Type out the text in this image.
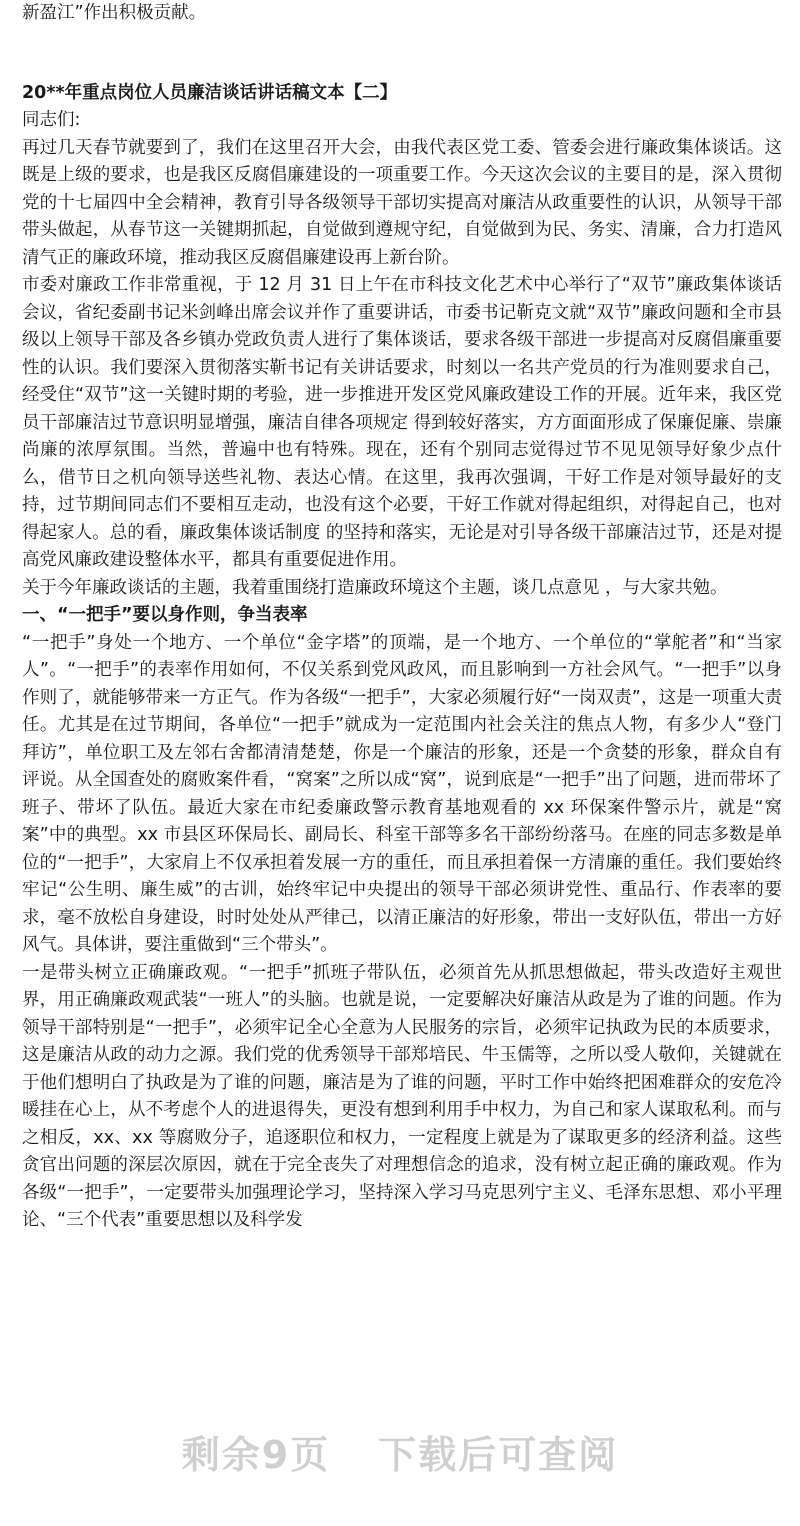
新盈江”作出积极贡献。

20**年重点岗位人员廉洁谈话讲话稿文本【二】

同志们:

再过几天春节就要到了，我们在这里召开大会，由我代表区党工委、管委会进行廉政集体谈话。这既是上级的要求，也是我区反腐倡廉建设的一项重要工作。今天这次会议的主要目的是，深入贯彻党的十七届四中全会精神，教育引导各级领导干部切实提高对廉洁从政重要性的认识，从领导干部带头做起，从春节这一关键期抓起，自觉做到遵规守纪，自觉做到为民、务实、清廉，合力打造风清气正的廉政环境，推动我区反腐倡廉建设再上新台阶。

市委对廉政工作非常重视，于 12 月 31 日上午在市科技文化艺术中心举行了“双节”廉政集体谈话会议，省纪委副书记米剑峰出席会议并作了重要讲话，市委书记靳克文就“双节”廉政问题和全市县级以上领导干部及各乡镇办党政负责人进行了集体谈话，要求各级干部进一步提高对反腐倡廉重要性的认识。我们要深入贯彻落实靳书记有关讲话要求，时刻以一名共产党员的行为准则要求自己，经受住“双节”这一关键时期的考验，进一步推进开发区党风廉政建设工作的开展。近年来，我区党员干部廉洁过节意识明显增强，廉洁自律各项规定 得到较好落实，方方面面形成了保廉促廉、崇廉尚廉的浓厚氛围。当然，普遍中也有特殊。现在，还有个别同志觉得过节不见见领导好象少点什么，借节日之机向领导送些礼物、表达心情。在这里，我再次强调，干好工作是对领导最好的支持，过节期间同志们不要相互走动，也没有这个必要，干好工作就对得起组织，对得起自己，也对得起家人。总的看，廉政集体谈话制度 的坚持和落实，无论是对引导各级干部廉洁过节，还是对提高党风廉政建设整体水平，都具有重要促进作用。

关于今年廉政谈话的主题，我着重围绕打造廉政环境这个主题，谈几点意见 ，与大家共勉。

一、“一把手”要以身作则，争当表率

“一把手”身处一个地方、一个单位“金字塔”的顶端，是一个地方、一个单位的“掌舵者”和“当家人”。“一把手”的表率作用如何，不仅关系到党风政风，而且影响到一方社会风气。“一把手”以身作则了，就能够带来一方正气。作为各级“一把手”，大家必须履行好“一岗双责”，这是一项重大责任。尤其是在过节期间，各单位“一把手”就成为一定范围内社会关注的焦点人物，有多少人“登门拜访”，单位职工及左邻右舍都清清楚楚，你是一个廉洁的形象，还是一个贪婪的形象，群众自有评说。从全国查处的腐败案件看，“窝案”之所以成“窝”，说到底是“一把手”出了问题，进而带坏了班子、带坏了队伍。最近大家在市纪委廉政警示教育基地观看的 xx 环保案件警示片，就是“窝案”中的典型。xx 市县区环保局长、副局长、科室干部等多名干部纷纷落马。在座的同志多数是单位的“一把手”，大家肩上不仅承担着发展一方的重任，而且承担着保一方清廉的重任。我们要始终牢记“公生明、廉生威”的古训，始终牢记中央提出的领导干部必须讲党性、重品行、作表率的要求，毫不放松自身建设，时时处处从严律己，以清正廉洁的好形象，带出一支好队伍，带出一方好风气。具体讲，要注重做到“三个带头”。

一是带头树立正确廉政观。“一把手”抓班子带队伍，必须首先从抓思想做起，带头改造好主观世界，用正确廉政观武装“一班人”的头脑。也就是说，一定要解决好廉洁从政是为了谁的问题。作为领导干部特别是“一把手”，必须牢记全心全意为人民服务的宗旨，必须牢记执政为民的本质要求，这是廉洁从政的动力之源。我们党的优秀领导干部郑培民、牛玉儒等，之所以受人敬仰，关键就在于他们想明白了执政是为了谁的问题，廉洁是为了谁的问题，平时工作中始终把困难群众的安危冷暖挂在心上，从不考虑个人的进退得失，更没有想到利用手中权力，为自己和家人谋取私利。而与之相反，xx、xx 等腐败分子，追逐职位和权力，一定程度上就是为了谋取更多的经济利益。这些贪官出问题的深层次原因，就在于完全丧失了对理想信念的追求，没有树立起正确的廉政观。作为各级“一把手”，一定要带头加强理论学习，坚持深入学习马克思列宁主义、毛泽东思想、邓小平理论、“三个代表”重要思想以及科学发

剩余9页 下载后可查阅
